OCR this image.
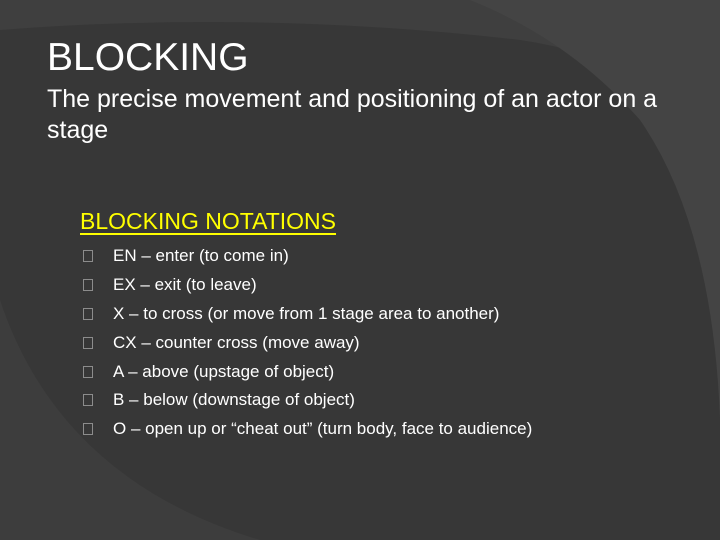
BLOCKING

The precise movement and positioning of an actor on a stage

BLOCKING NOTATIONS
EN – enter (to come in)
EX – exit (to leave)
X – to cross (or move from 1 stage area to another)
CX – counter cross (move away)
A – above (upstage of object)
B – below (downstage of object)
O – open up or “cheat out” (turn body, face to audience)
